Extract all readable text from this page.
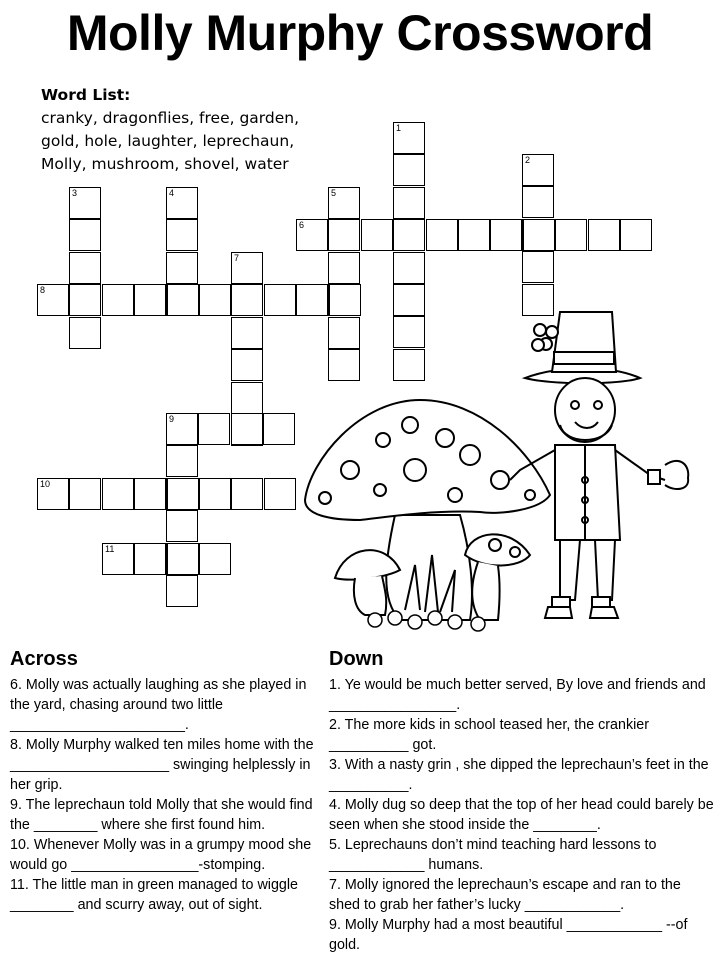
Molly Murphy Crossword
Word List:
cranky, dragonflies, free, garden,
gold, hole, laughter, leprechaun,
Molly, mushroom, shovel, water
1
2
3	4	5
6
7
8
9
10
11
Across

6. Molly was actually laughing as she played in the yard, chasing around two little ______________________.

8. Molly Murphy walked ten miles home with the ____________________ swinging helplessly in her grip.

9. The leprechaun told Molly that she would find the ________ where she first found him.

10. Whenever Molly was in a grumpy mood she would go ________________-stomping.

11. The little man in green managed to wiggle ________ and scurry away, out of sight.

Down

1. Ye would be much better served, By love and friends and ________________.

2. The more kids in school teased her, the crankier __________ got.

3. With a nasty grin , she dipped the leprechaun’s feet in the __________.

4. Molly dug so deep that the top of her head could barely be seen when she stood inside the ________.

5. Leprechauns don’t mind teaching hard lessons to ____________ humans.

7. Molly ignored the leprechaun’s escape and ran to the shed to grab her father’s lucky ____________.

9. Molly Murphy had a most beautiful ____________ --of gold.
